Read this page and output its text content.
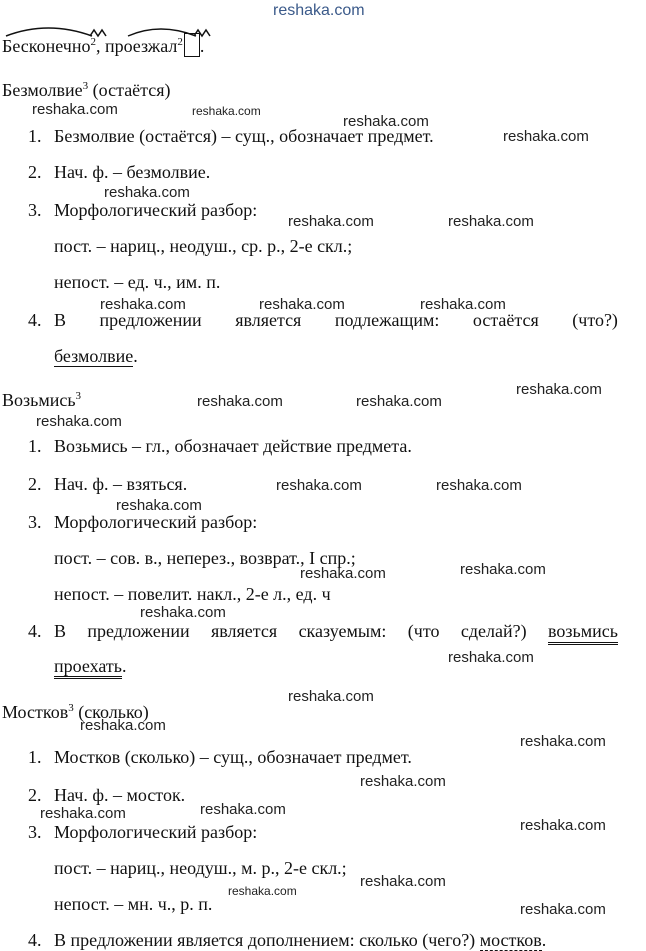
Бесконечно$^2$, проезжал$^2$ .
Безмолвие$^3$ (остаётся)
1. Безмолвие (остаётся) – сущ., обозначает предмет.
2. Нач. ф. – безмолвие.
3. Морфологический разбор:
пост. – нариц., неодуш., ср. р., 2-е скл.;
непост. – ед. ч., им. п.
4. В предложении является подлежащим: остаётся (что?)
безмолвие.
Возьмись$^3$
1. Возьмись – гл., обозначает действие предмета.
2. Нач. ф. – взяться.
3. Морфологический разбор:
пост. – сов. в., неперез., возврат., I спр.;
непост. – повелит. накл., 2-е л., ед. ч
4. В предложении является сказуемым: (что сделай?) возьмись
проехать.
Мостков$^3$ (сколько)
1. Мостков (сколько) – сущ., обозначает предмет.
2. Нач. ф. – мосток.
3. Морфологический разбор:
пост. – нариц., неодуш., м. р., 2-е скл.;
непост. – мн. ч., р. п.
4. В предложении является дополнением: сколько (чего?) мостков.
reshaka.com
reshaka.com	reshaka.com
reshaka.com
reshaka.com
reshaka.com
reshaka.com	reshaka.com
reshaka.com	reshaka.com	reshaka.com
reshaka.com
reshaka.com	reshaka.com
reshaka.com
reshaka.com	reshaka.com
reshaka.com
reshaka.com
reshaka.com
reshaka.com
reshaka.com
reshaka.com
reshaka.com
reshaka.com
reshaka.com
reshaka.com
reshaka.com
reshaka.com
reshaka.com
reshaka.com
reshaka.com
